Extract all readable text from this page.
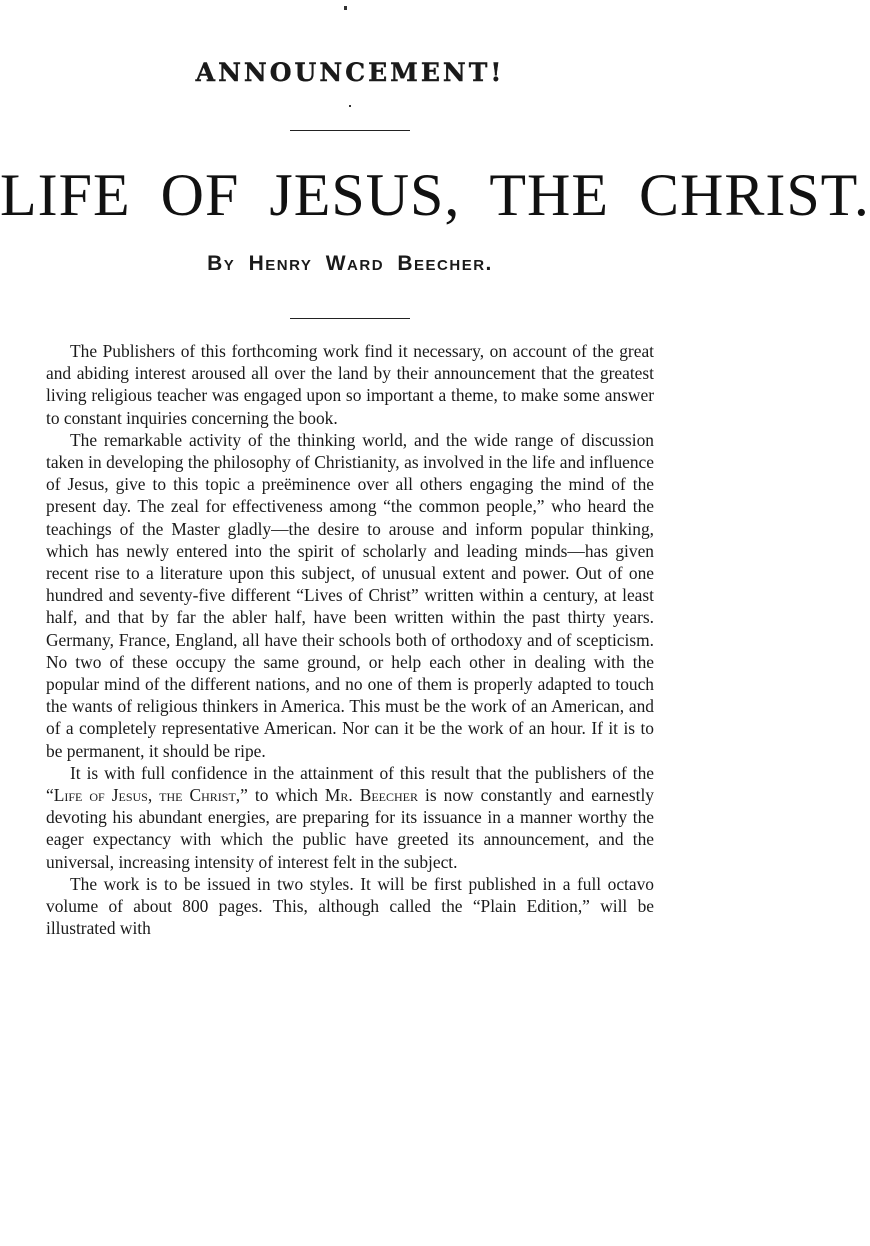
ANNOUNCEMENT!
LIFE OF JESUS, THE CHRIST.
By Henry Ward Beecher.

The Publishers of this forthcoming work find it necessary, on account of the great and abiding interest aroused all over the land by their announcement that the greatest living religious teacher was engaged upon so important a theme, to make some answer to constant inquiries concerning the book.

The remarkable activity of the thinking world, and the wide range of discussion taken in developing the philosophy of Christianity, as involved in the life and influence of Jesus, give to this topic a preëminence over all others engaging the mind of the present day. The zeal for effectiveness among “the common people,” who heard the teachings of the Master gladly—the desire to arouse and inform popular thinking, which has newly entered into the spirit of scholarly and leading minds—has given recent rise to a literature upon this subject, of unusual extent and power. Out of one hundred and seventy-five different “Lives of Christ” written within a century, at least half, and that by far the abler half, have been written within the past thirty years. Germany, France, England, all have their schools both of orthodoxy and of scepticism. No two of these occupy the same ground, or help each other in dealing with the popular mind of the different nations, and no one of them is properly adapted to touch the wants of religious thinkers in America. This must be the work of an American, and of a completely representative American. Nor can it be the work of an hour. If it is to be permanent, it should be ripe.

It is with full confidence in the attainment of this result that the publishers of the “Life of Jesus, the Christ,” to which Mr. Beecher is now constantly and earnestly devoting his abundant energies, are preparing for its issuance in a manner worthy the eager expectancy with which the public have greeted its announcement, and the universal, increasing intensity of interest felt in the subject.

The work is to be issued in two styles. It will be first published in a full octavo volume of about 800 pages. This, although called the “Plain Edition,” will be illustrated with
